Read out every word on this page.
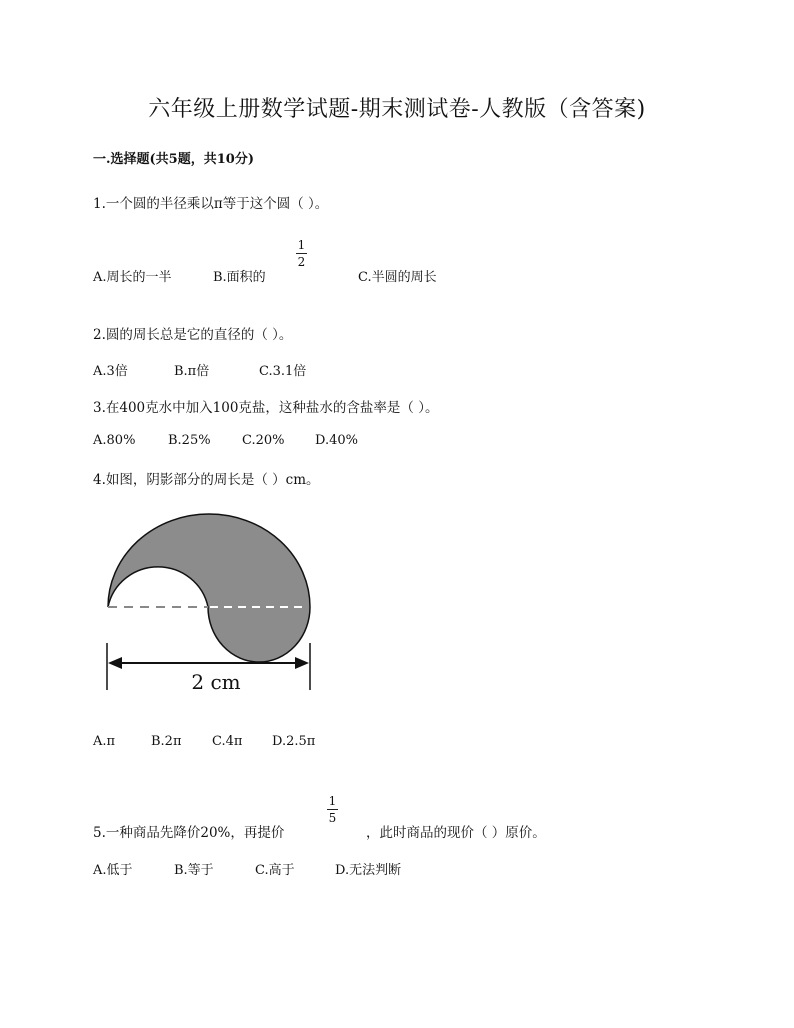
六年级上册数学试题-期末测试卷-人教版（含答案)
一.选择题(共5题，共10分)
1.一个圆的半径乘以π等于这个圆（ ）。
$\frac{1}{2}$
A.周长的一半	B.面积的	C.半圆的周长
2.圆的周长总是它的直径的（ ）。
A.3倍	B.π倍	C.3.1倍
3.在400克水中加入100克盐，这种盐水的含盐率是（ ）。
A.80%	B.25% C.20% D.40%
4.如图，阴影部分的周长是（ ）cm。
2 cm
A.π	B.2π C.4π D.2.5π
5.一种商品先降价20%，再提价
$\frac{1}{5}$
，此时商品的现价（ ）原价。
A.低于	B.等于	C.高于	D.无法判断
